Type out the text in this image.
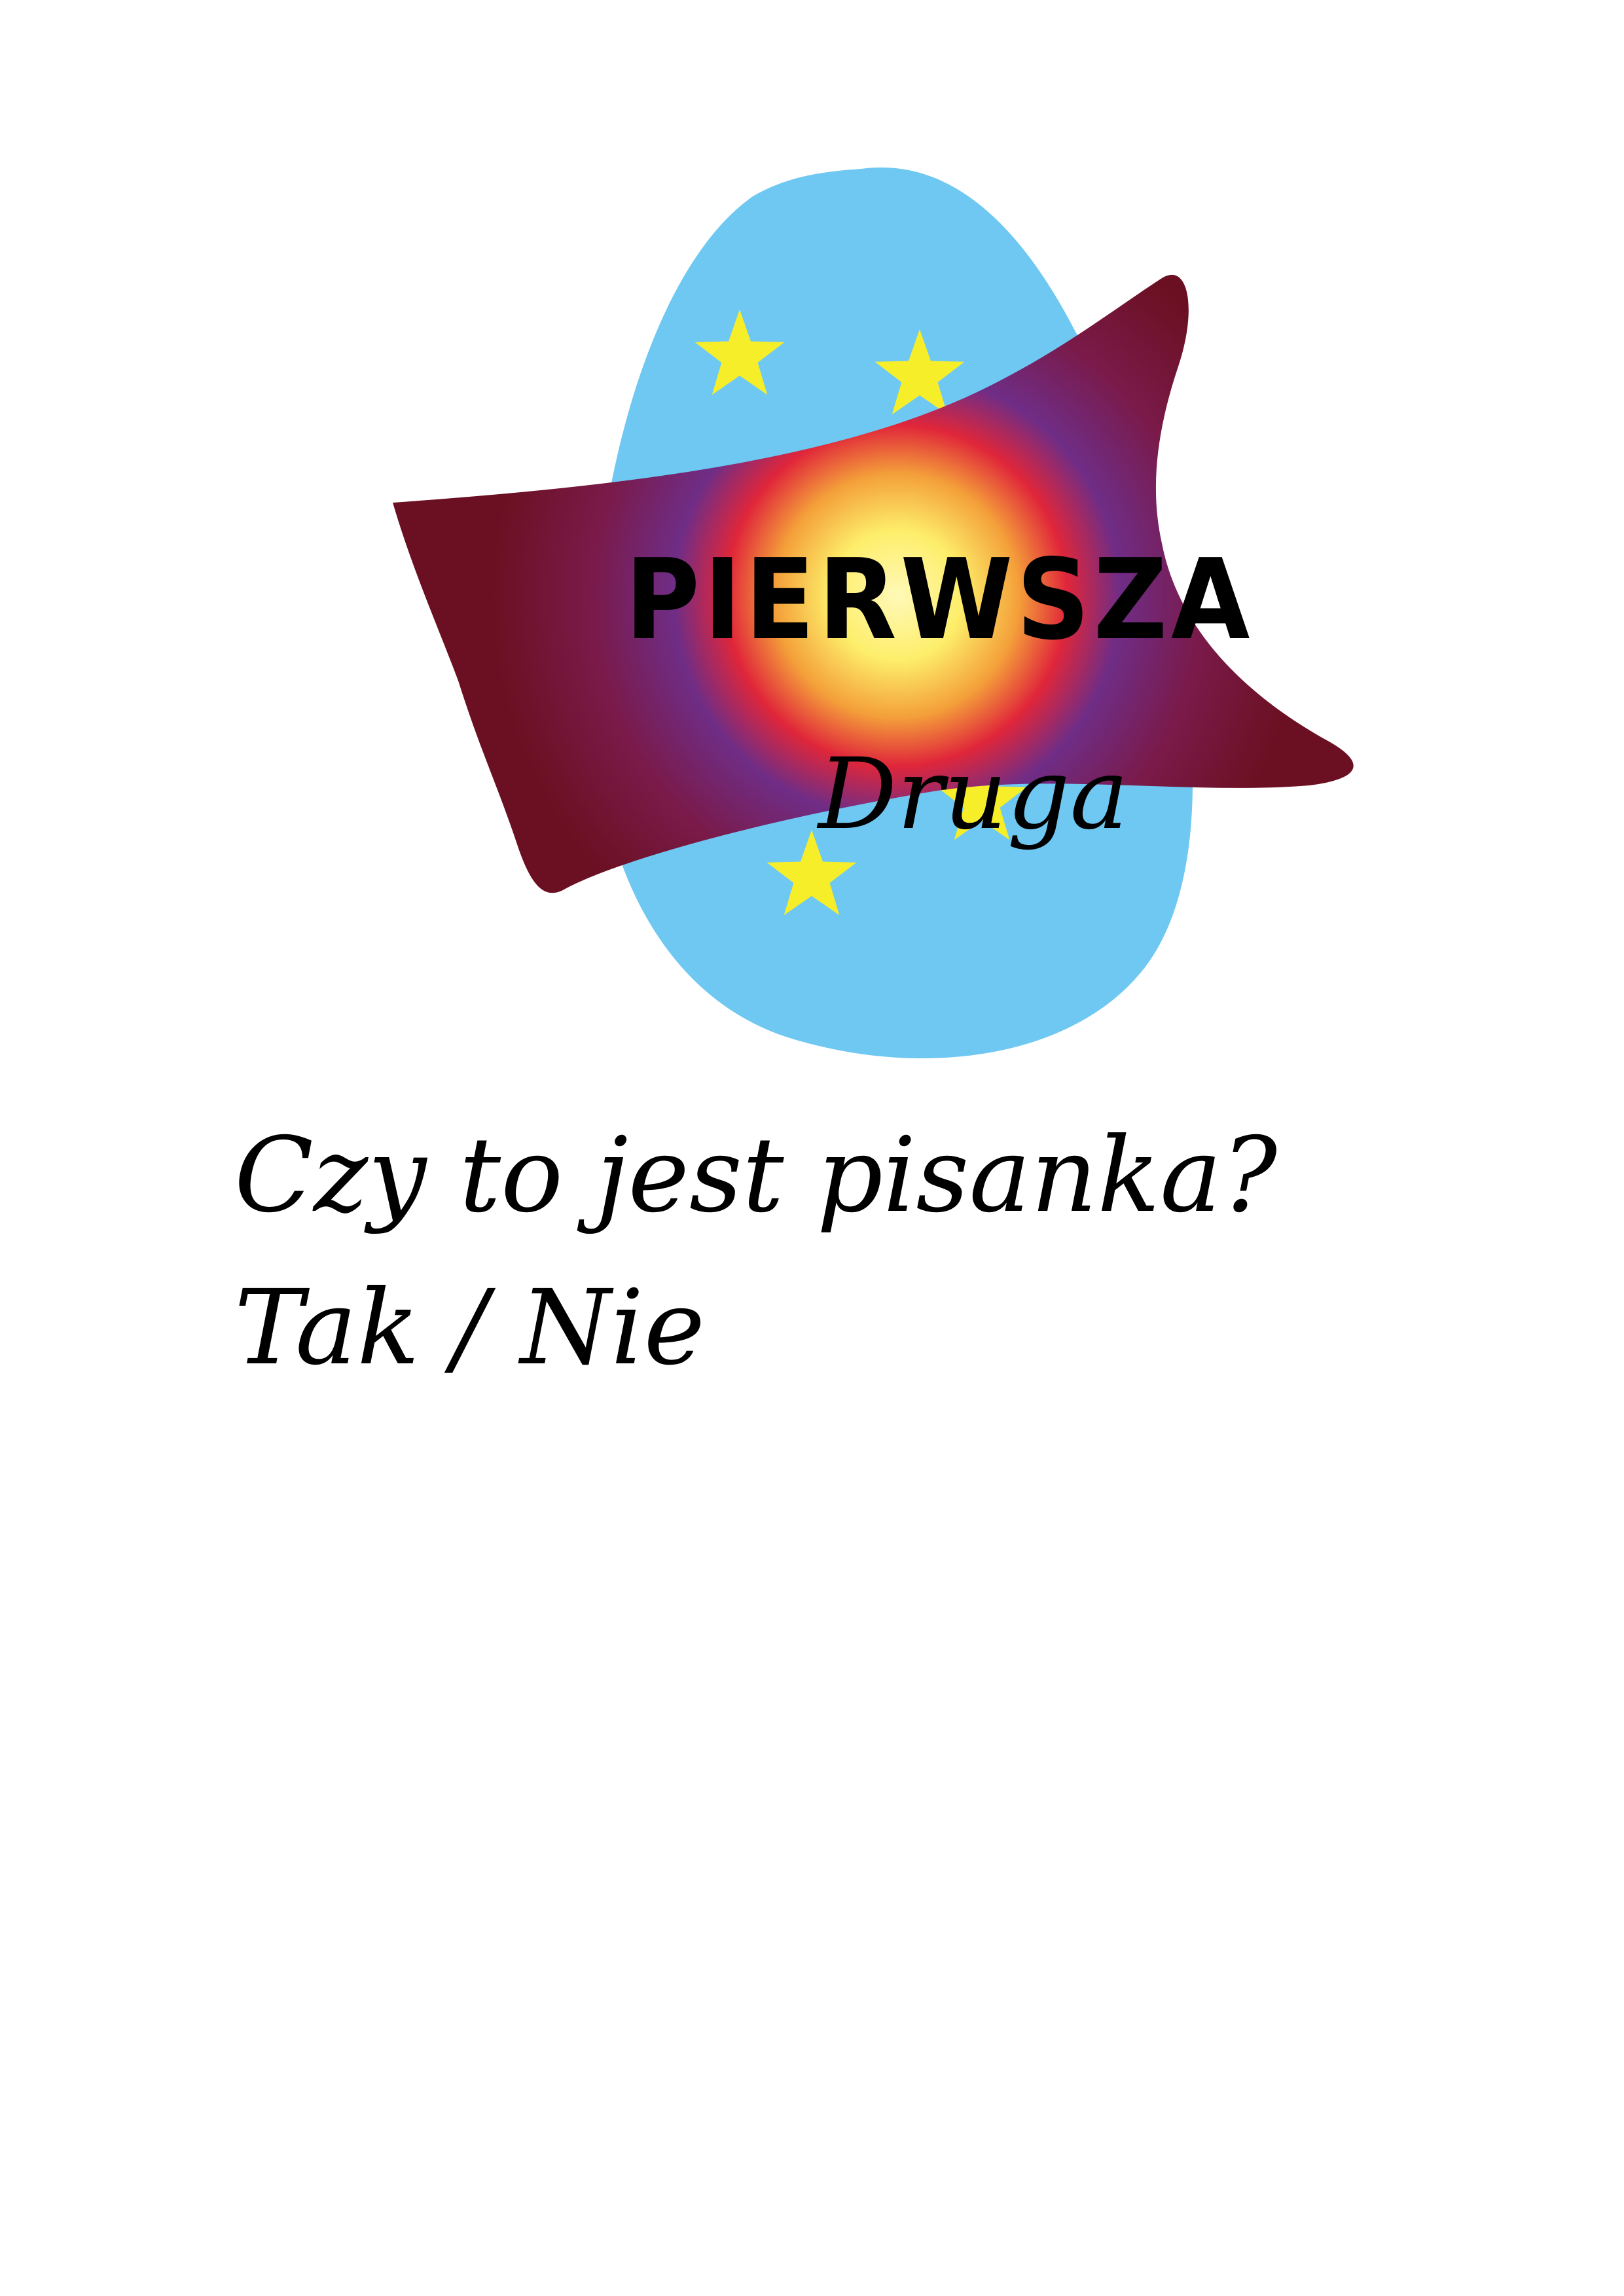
PIERWSZA
Druga
Czy to jest pisanka?
Tak / Nie
